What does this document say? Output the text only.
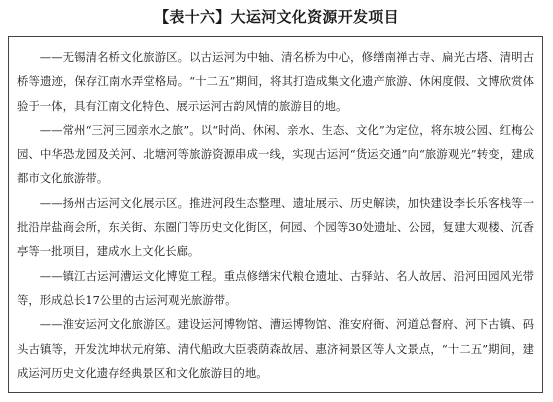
【表十六】大运河文化资源开发项目

——无锡清名桥文化旅游区。以古运河为中轴、清名桥为中心，修缮南禅古寺、扁光古塔、清明古桥等遗迹，保存江南水弄堂格局。“十二五”期间，将其打造成集文化遗产旅游、休闲度假、文博欣赏体验于一体，具有江南文化特色、展示运河古韵风情的旅游目的地。

——常州“三河三园亲水之旅”。以“时尚、休闲、亲水、生态、文化”为定位，将东坡公园、红梅公园、中华恐龙园及关河、北塘河等旅游资源串成一线，实现古运河“货运交通”向“旅游观光”转变，建成都市文化旅游带。

——扬州古运河文化展示区。推进河段生态整理、遗址展示、历史解读，加快建设李长乐客栈等一批沿岸盐商会所，东关街、东圈门等历史文化街区，何园、个园等30处遗址、公园，复建大观楼、沉香亭等一批项目，建成水上文化长廊。

——镇江古运河漕运文化博览工程。重点修缮宋代粮仓遗址、古驿站、名人故居、沿河田园风光带等，形成总长17公里的古运河观光旅游带。

——淮安运河文化旅游区。建设运河博物馆、漕运博物馆、淮安府衙、河道总督府、河下古镇、码头古镇等，开发沈坤状元府第、清代船政大臣裘荫森故居、惠济祠景区等人文景点，“十二五”期间，建成运河历史文化遗存经典景区和文化旅游目的地。
